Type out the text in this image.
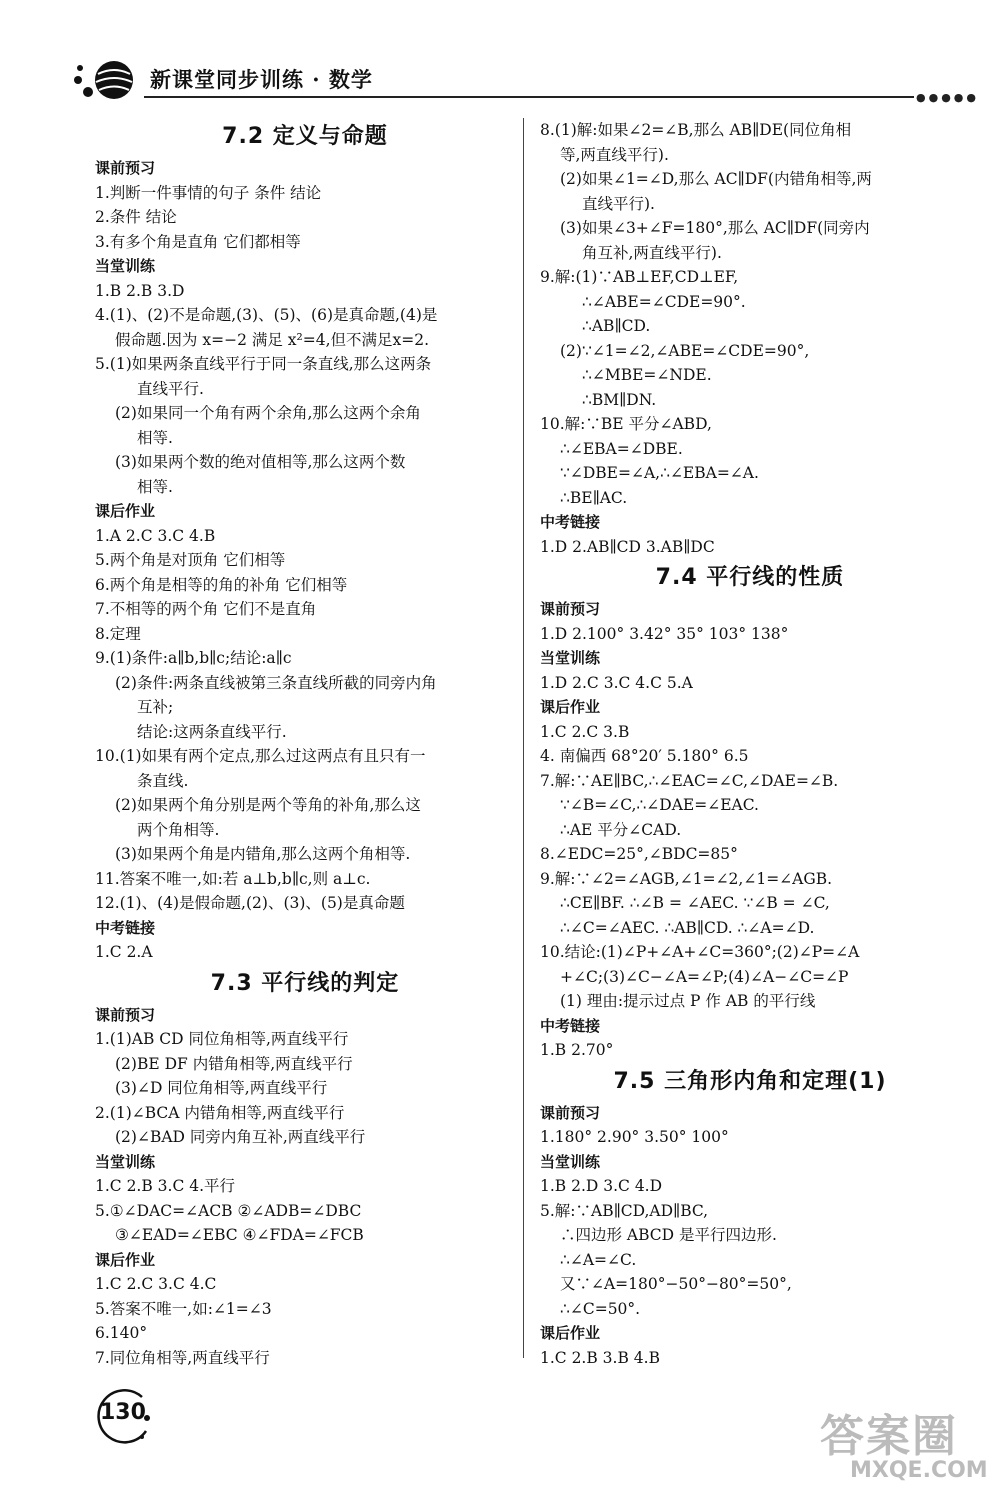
新课堂同步训练 · 数学
●●●●●
7.2 定义与命题
课前预习
1.判断一件事情的句子 条件 结论
2.条件 结论
3.有多个角是直角 它们都相等
当堂训练
1.B 2.B 3.D
4.(1)、(2)不是命题,(3)、(5)、(6)是真命题,(4)是
假命题.因为 x=−2 满足 x²=4,但不满足x=2.
5.(1)如果两条直线平行于同一条直线,那么这两条
直线平行.
(2)如果同一个角有两个余角,那么这两个余角
相等.
(3)如果两个数的绝对值相等,那么这两个数
相等.
课后作业
1.A 2.C 3.C 4.B
5.两个角是对顶角 它们相等
6.两个角是相等的角的补角 它们相等
7.不相等的两个角 它们不是直角
8.定理
9.(1)条件:a∥b,b∥c;结论:a∥c
(2)条件:两条直线被第三条直线所截的同旁内角
互补;
结论:这两条直线平行.
10.(1)如果有两个定点,那么过这两点有且只有一
条直线.
(2)如果两个角分别是两个等角的补角,那么这
两个角相等.
(3)如果两个角是内错角,那么这两个角相等.
11.答案不唯一,如:若 a⊥b,b∥c,则 a⊥c.
12.(1)、(4)是假命题,(2)、(3)、(5)是真命题
中考链接
1.C 2.A
7.3 平行线的判定
课前预习
1.(1)AB CD 同位角相等,两直线平行
(2)BE DF 内错角相等,两直线平行
(3)∠D 同位角相等,两直线平行
2.(1)∠BCA 内错角相等,两直线平行
(2)∠BAD 同旁内角互补,两直线平行
当堂训练
1.C 2.B 3.C 4.平行
5.①∠DAC=∠ACB ②∠ADB=∠DBC
③∠EAD=∠EBC ④∠FDA=∠FCB
课后作业
1.C 2.C 3.C 4.C
5.答案不唯一,如:∠1=∠3
6.140°
7.同位角相等,两直线平行
8.(1)解:如果∠2=∠B,那么 AB∥DE(同位角相
等,两直线平行).
(2)如果∠1=∠D,那么 AC∥DF(内错角相等,两
直线平行).
(3)如果∠3+∠F=180°,那么 AC∥DF(同旁内
角互补,两直线平行).
9.解:(1)∵AB⊥EF,CD⊥EF,
∴∠ABE=∠CDE=90°.
∴AB∥CD.
(2)∵∠1=∠2,∠ABE=∠CDE=90°,
∴∠MBE=∠NDE.
∴BM∥DN.
10.解:∵BE 平分∠ABD,
∴∠EBA=∠DBE.
∵∠DBE=∠A,∴∠EBA=∠A.
∴BE∥AC.
中考链接
1.D 2.AB∥CD 3.AB∥DC
7.4 平行线的性质
课前预习
1.D 2.100° 3.42° 35° 103° 138°
当堂训练
1.D 2.C 3.C 4.C 5.A
课后作业
1.C 2.C 3.B
4. 南偏西 68°20′ 5.180° 6.5
7.解:∵AE∥BC,∴∠EAC=∠C,∠DAE=∠B.
∵∠B=∠C,∴∠DAE=∠EAC.
∴AE 平分∠CAD.
8.∠EDC=25°,∠BDC=85°
9.解:∵∠2=∠AGB,∠1=∠2,∠1=∠AGB.
∴CE∥BF. ∴∠B = ∠AEC. ∵∠B = ∠C,
∴∠C=∠AEC. ∴AB∥CD. ∴∠A=∠D.
10.结论:(1)∠P+∠A+∠C=360°;(2)∠P=∠A
+∠C;(3)∠C−∠A=∠P;(4)∠A−∠C=∠P
(1) 理由:提示过点 P 作 AB 的平行线
中考链接
1.B 2.70°
7.5 三角形内角和定理(1)
课前预习
1.180° 2.90° 3.50° 100°
当堂训练
1.B 2.D 3.C 4.D
5.解:∵AB∥CD,AD∥BC,
∴四边形 ABCD 是平行四边形.
∴∠A=∠C.
又∵∠A=180°−50°−80°=50°,
∴∠C=50°.
课后作业
1.C 2.B 3.B 4.B
130	答案圈
MXQE.COM
